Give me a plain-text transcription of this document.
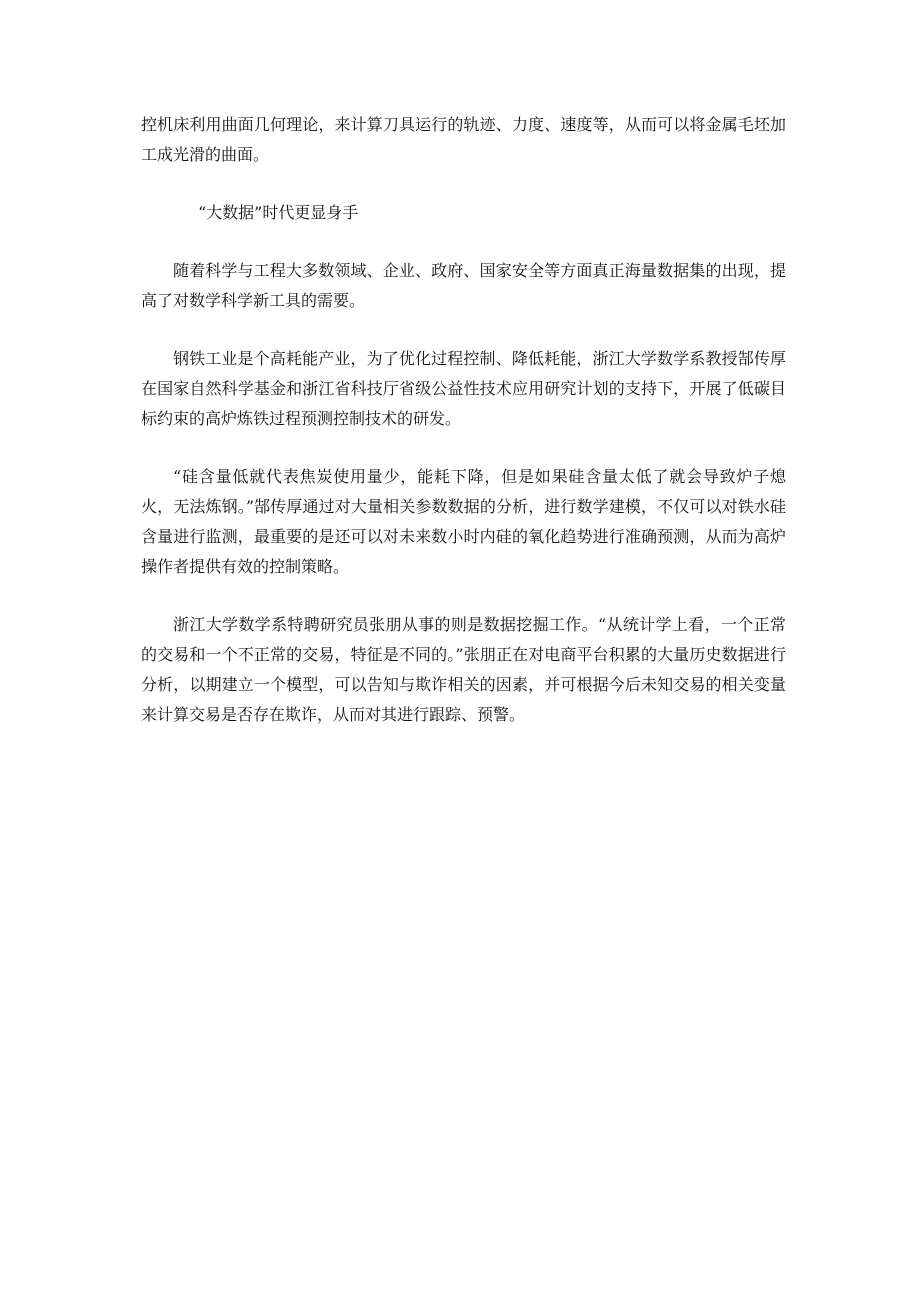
控机床利用曲面几何理论，来计算刀具运行的轨迹、力度、速度等，从而可以将金属毛坯加工成光滑的曲面。

“大数据”时代更显身手

随着科学与工程大多数领域、企业、政府、国家安全等方面真正海量数据集的出现，提高了对数学科学新工具的需要。

钢铁工业是个高耗能产业，为了优化过程控制、降低耗能，浙江大学数学系教授郜传厚在国家自然科学基金和浙江省科技厅省级公益性技术应用研究计划的支持下，开展了低碳目标约束的高炉炼铁过程预测控制技术的研发。

“硅含量低就代表焦炭使用量少，能耗下降，但是如果硅含量太低了就会导致炉子熄火，无法炼钢。”郜传厚通过对大量相关参数数据的分析，进行数学建模，不仅可以对铁水硅含量进行监测，最重要的是还可以对未来数小时内硅的氧化趋势进行准确预测，从而为高炉操作者提供有效的控制策略。

浙江大学数学系特聘研究员张朋从事的则是数据挖掘工作。“从统计学上看，一个正常的交易和一个不正常的交易，特征是不同的。”张朋正在对电商平台积累的大量历史数据进行分析，以期建立一个模型，可以告知与欺诈相关的因素，并可根据今后未知交易的相关变量来计算交易是否存在欺诈，从而对其进行跟踪、预警。
